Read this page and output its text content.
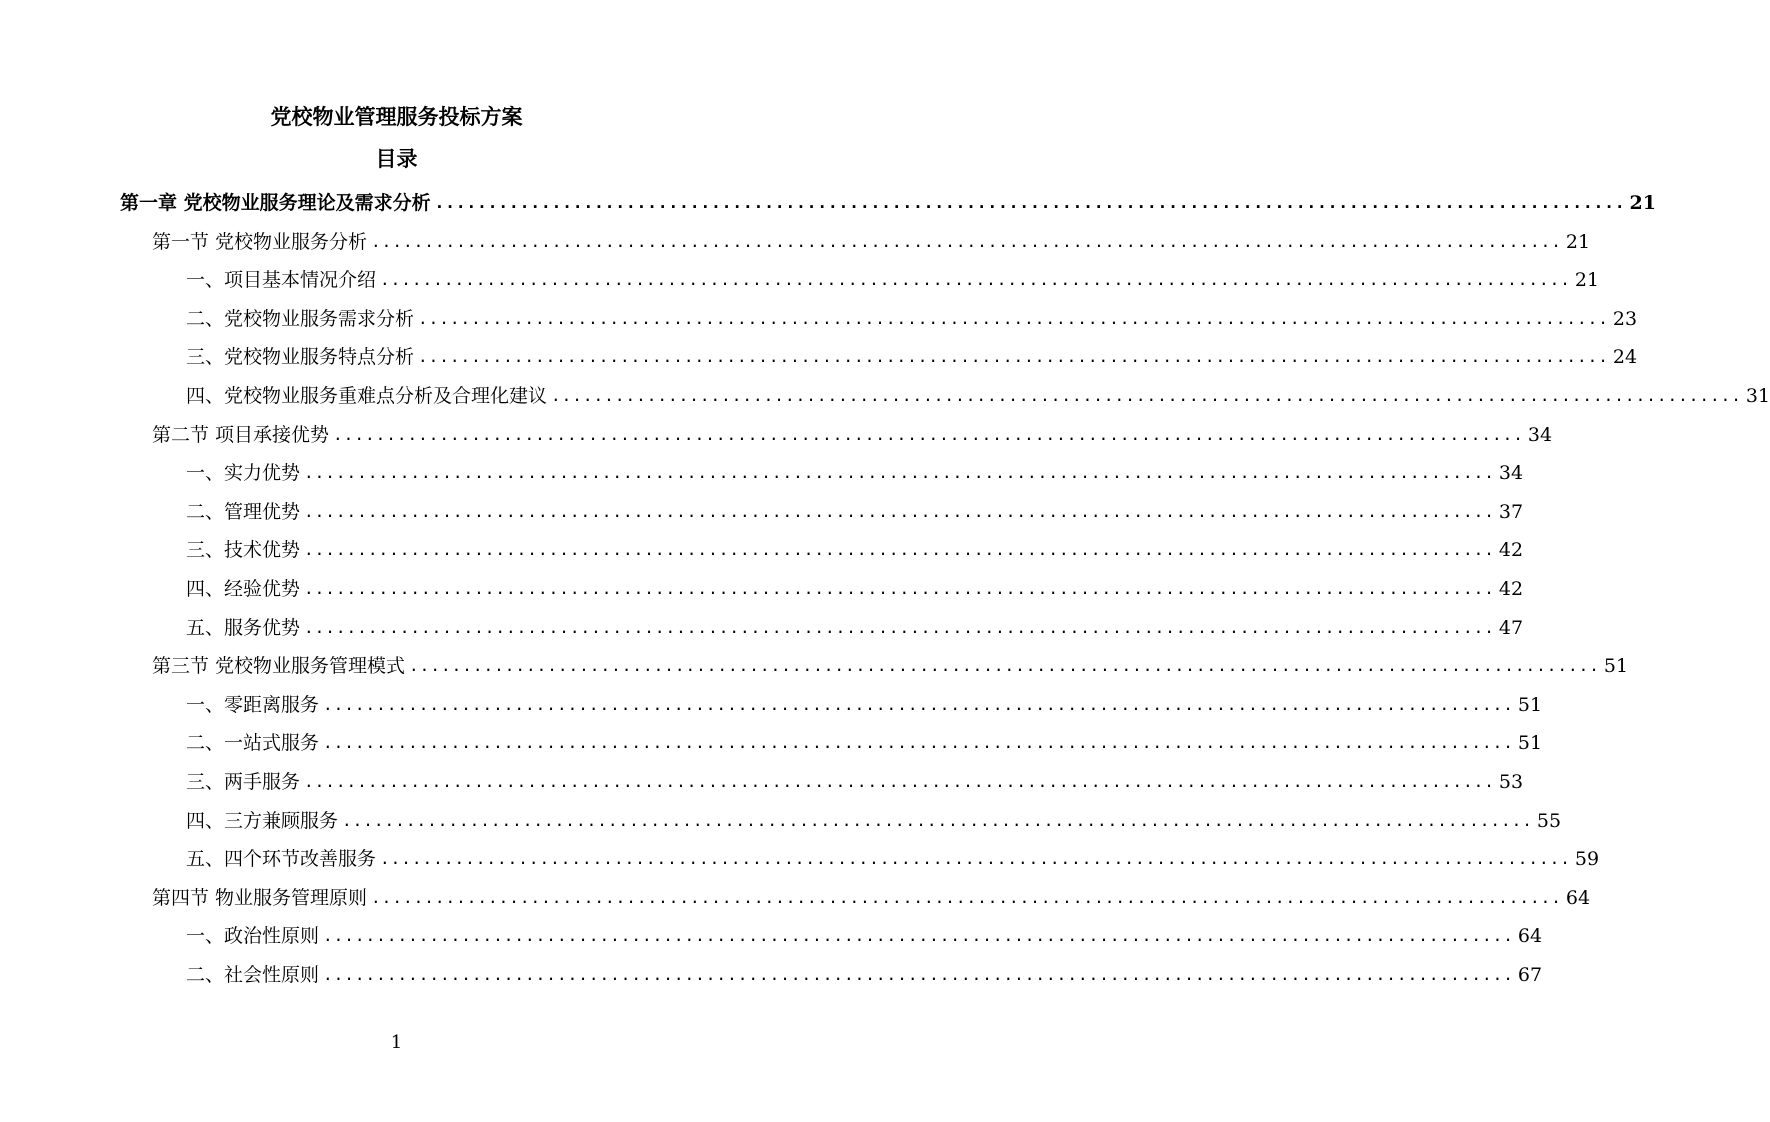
党校物业管理服务投标方案
目录
第一章 党校物业服务理论及需求分析 ................................................................................................................ 21
第一节 党校物业服务分析 ................................................................................................................ 21
一、项目基本情况介绍 ................................................................................................................ 21
二、党校物业服务需求分析 ................................................................................................................ 23
三、党校物业服务特点分析 ................................................................................................................ 24
四、党校物业服务重难点分析及合理化建议 ................................................................................................................ 31
第二节 项目承接优势 ................................................................................................................ 34
一、实力优势 ................................................................................................................ 34
二、管理优势 ................................................................................................................ 37
三、技术优势 ................................................................................................................ 42
四、经验优势 ................................................................................................................ 42
五、服务优势 ................................................................................................................ 47
第三节 党校物业服务管理模式 ................................................................................................................ 51
一、零距离服务 ................................................................................................................ 51
二、一站式服务 ................................................................................................................ 51
三、两手服务 ................................................................................................................ 53
四、三方兼顾服务 ................................................................................................................ 55
五、四个环节改善服务 ................................................................................................................ 59
第四节 物业服务管理原则 ................................................................................................................ 64
一、政治性原则 ................................................................................................................ 64
二、社会性原则 ................................................................................................................ 67
1
